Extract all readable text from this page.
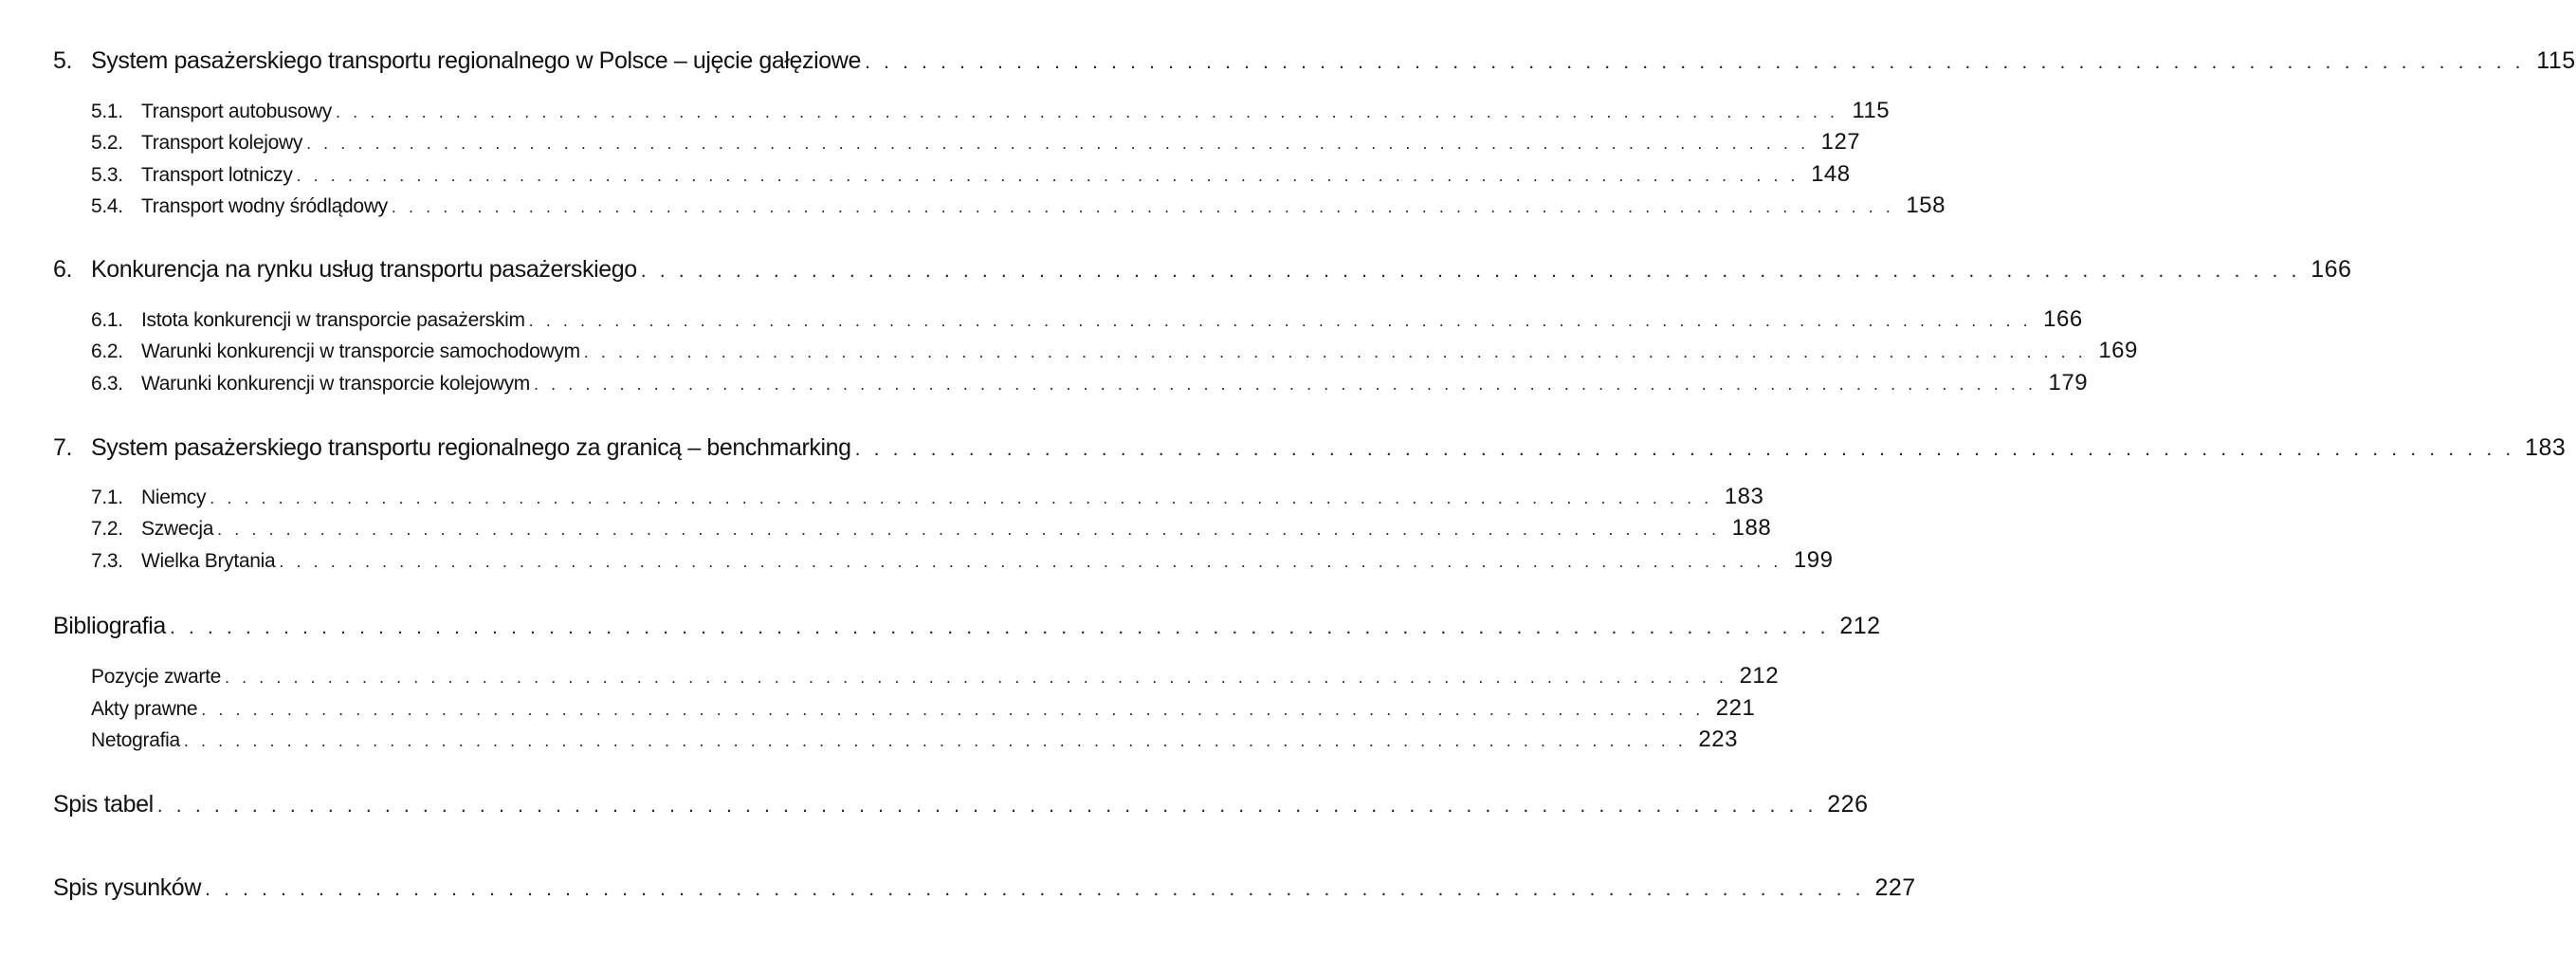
5. System pasażerskiego transportu regionalnego w Polsce – ujęcie gałęziowe . . .	115
5.1. Transport autobusowy . . .	115
5.2. Transport kolejowy . . .	127
5.3. Transport lotniczy . . .	148
5.4. Transport wodny śródlądowy . . .	158
6. Konkurencja na rynku usług transportu pasażerskiego . . .	166
6.1. Istota konkurencji w transporcie pasażerskim . . .	166
6.2. Warunki konkurencji w transporcie samochodowym . . .	169
6.3. Warunki konkurencji w transporcie kolejowym . . .	179
7. System pasażerskiego transportu regionalnego za granicą – benchmarking . . .	183
7.1. Niemcy . . .	183
7.2. Szwecja . . .	188
7.3. Wielka Brytania . . .	199
Bibliografia . . .	212
Pozycje zwarte . . .	212
Akty prawne . . .	221
Netografia . . .	223
Spis tabel . . .	226
Spis rysunków . . .	227
